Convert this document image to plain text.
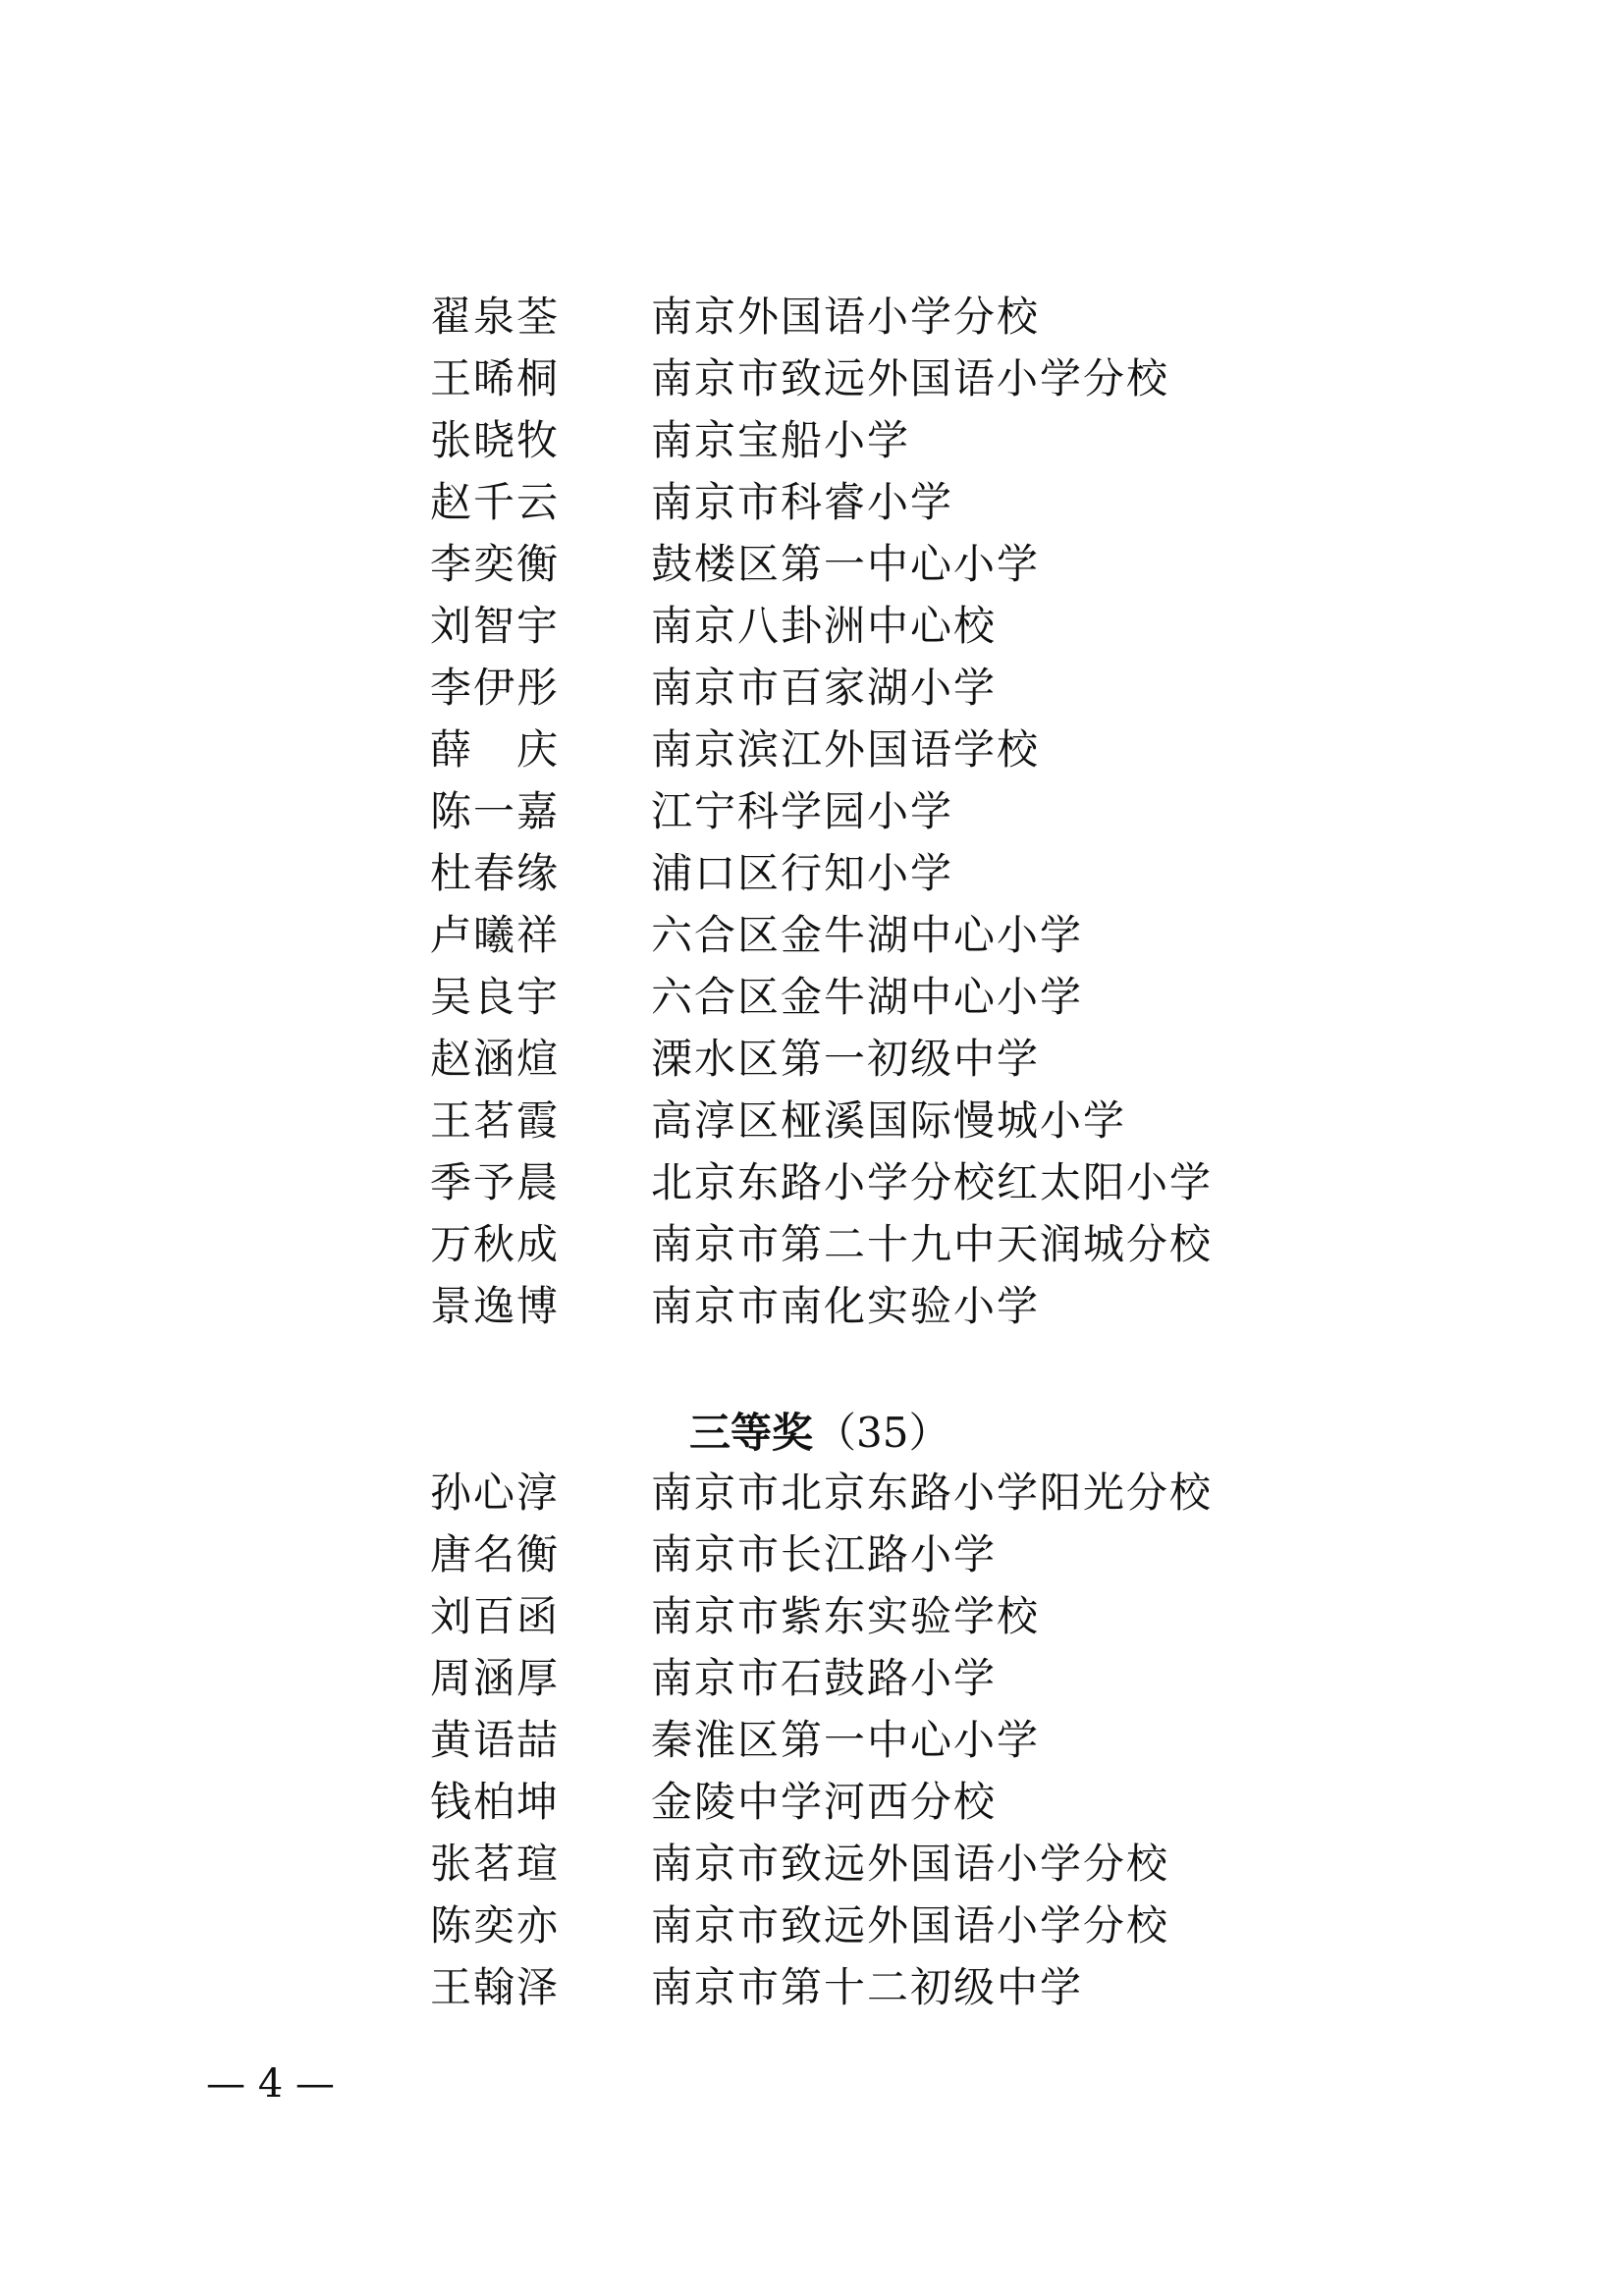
翟泉荃	南京外国语小学分校
王晞桐	南京市致远外国语小学分校
张晓牧	南京宝船小学
赵千云	南京市科睿小学
李奕衡	鼓楼区第一中心小学
刘智宇	南京八卦洲中心校
李伊彤	南京市百家湖小学
薛　庆	南京滨江外国语学校
陈一嘉	江宁科学园小学
杜春缘	浦口区行知小学
卢曦祥	六合区金牛湖中心小学
吴良宇	六合区金牛湖中心小学
赵涵煊	溧水区第一初级中学
王茗霞	高淳区桠溪国际慢城小学
季予晨	北京东路小学分校红太阳小学
万秋成	南京市第二十九中天润城分校
景逸博	南京市南化实验小学
三等奖 （35）
孙心淳	南京市北京东路小学阳光分校
唐名衡	南京市长江路小学
刘百函	南京市紫东实验学校
周涵厚	南京市石鼓路小学
黄语喆	秦淮区第一中心小学
钱柏坤	金陵中学河西分校
张茗瑄	南京市致远外国语小学分校
陈奕亦	南京市致远外国语小学分校
王翰泽	南京市第十二初级中学
— 4 —
